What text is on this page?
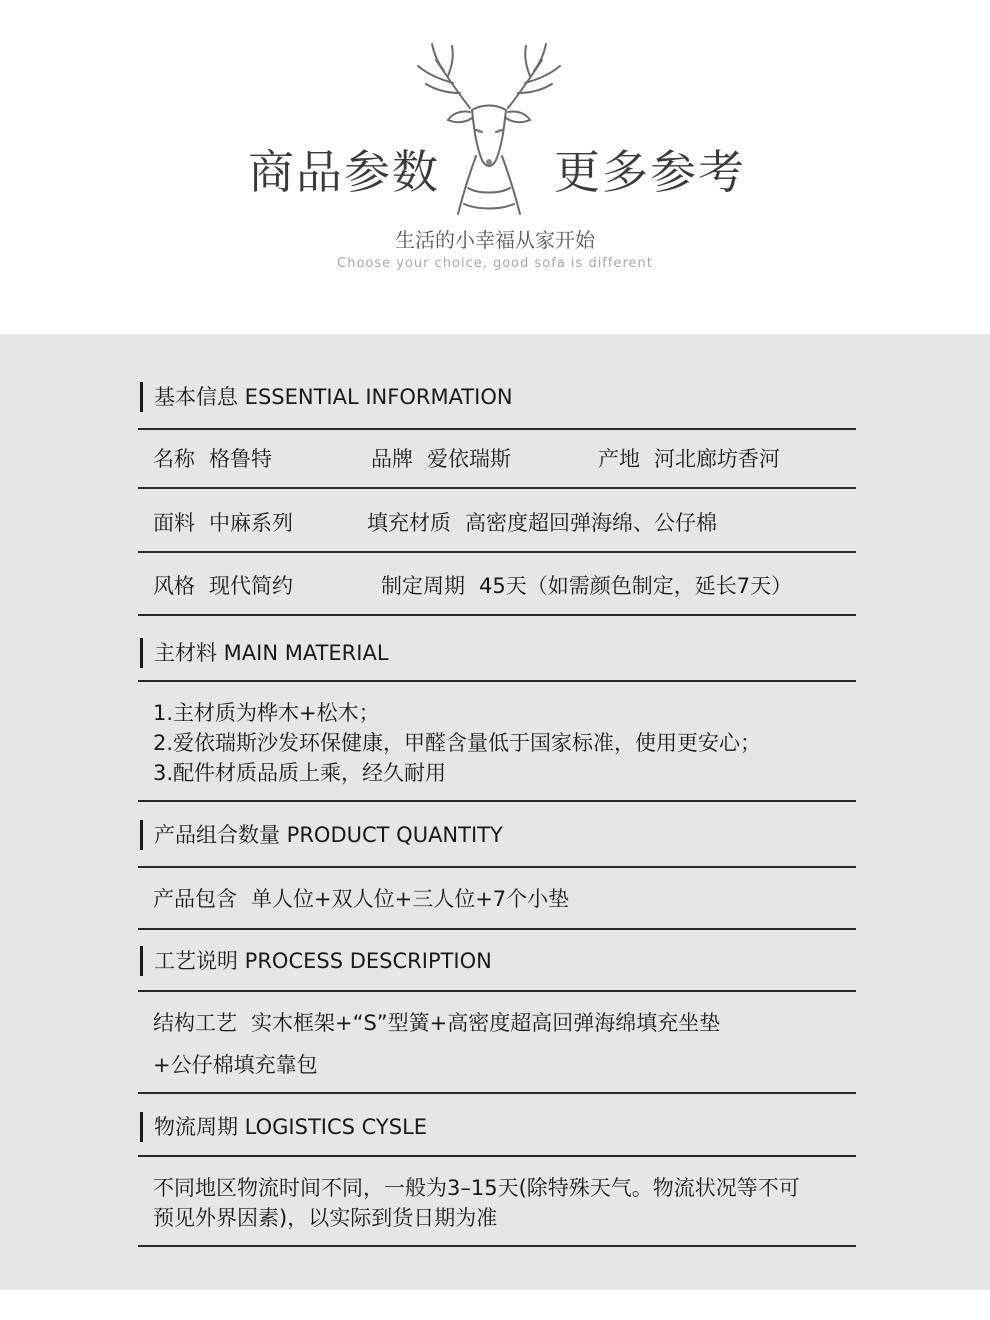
商品参数 更多参考
生活的小幸福从家开始
Choose your choice, good sofa is different
基本信息 ESSENTIAL INFORMATION
名称 格鲁特	品牌 爱依瑞斯	产地 河北廊坊香河
面料 中麻系列	填充材质 高密度超回弹海绵、公仔棉
风格 现代简约	制定周期 45天（如需颜色制定，延长7天）
主材料 MAIN MATERIAL
1.主材质为桦木+松木；
2.爱依瑞斯沙发环保健康，甲醛含量低于国家标准，使用更安心；
3.配件材质品质上乘，经久耐用
产品组合数量 PRODUCT QUANTITY
产品包含 单人位+双人位+三人位+7个小垫
工艺说明 PROCESS DESCRIPTION
结构工艺 实木框架+“S”型簧+高密度超高回弹海绵填充坐垫
+公仔棉填充靠包
物流周期 LOGISTICS CYSLE
不同地区物流时间不同，一般为3–15天(除特殊天气。物流状况等不可
预见外界因素)，以实际到货日期为准
